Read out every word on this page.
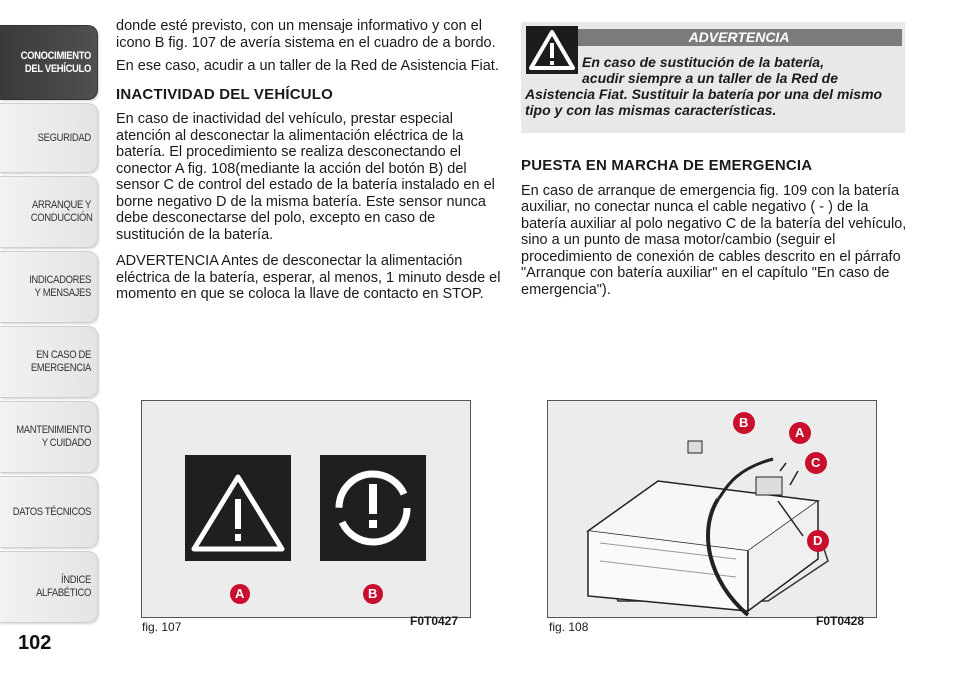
CONOCIMIENTO DEL VEHÍCULO
SEGURIDAD
ARRANQUE Y CONDUCCIÓN
INDICADORES Y MENSAJES
EN CASO DE EMERGENCIA
MANTENIMIENTO Y CUIDADO
DATOS TÉCNICOS
ÍNDICE ALFABÉTICO
102

donde esté previsto, con un mensaje informativo y con el icono B fig. 107 de avería sistema en el cuadro de a bordo.

En ese caso, acudir a un taller de la Red de Asistencia Fiat.

INACTIVIDAD DEL VEHÍCULO

En caso de inactividad del vehículo, prestar especial atención al desconectar la alimentación eléctrica de la batería. El procedimiento se realiza desconectando el conector A fig. 108(mediante la acción del botón B) del sensor C de control del estado de la batería instalado en el borne negativo D de la misma batería. Este sensor nunca debe desconectarse del polo, excepto en caso de sustitución de la batería.

ADVERTENCIA Antes de desconectar la alimentación eléctrica de la batería, esperar, al menos, 1 minuto desde el momento en que se coloca la llave de contacto en STOP.

ADVERTENCIA
En caso de sustitución de la batería,
acudir siempre a un taller de la Red de
Asistencia Fiat. Sustituir la batería por una del mismo tipo y con las mismas características.
PUESTA EN MARCHA DE EMERGENCIA

En caso de arranque de emergencia fig. 109 con la batería auxiliar, no conectar nunca el cable negativo ( - ) de la batería auxiliar al polo negativo C de la batería del vehículo, sino a un punto de masa motor/cambio (seguir el procedimiento de conexión de cables descrito en el párrafo "Arranque con batería auxiliar" en el capítulo "En caso de emergencia").

A	B
fig. 107	F0T0427
B
A
C
D
fig. 108	F0T0428
